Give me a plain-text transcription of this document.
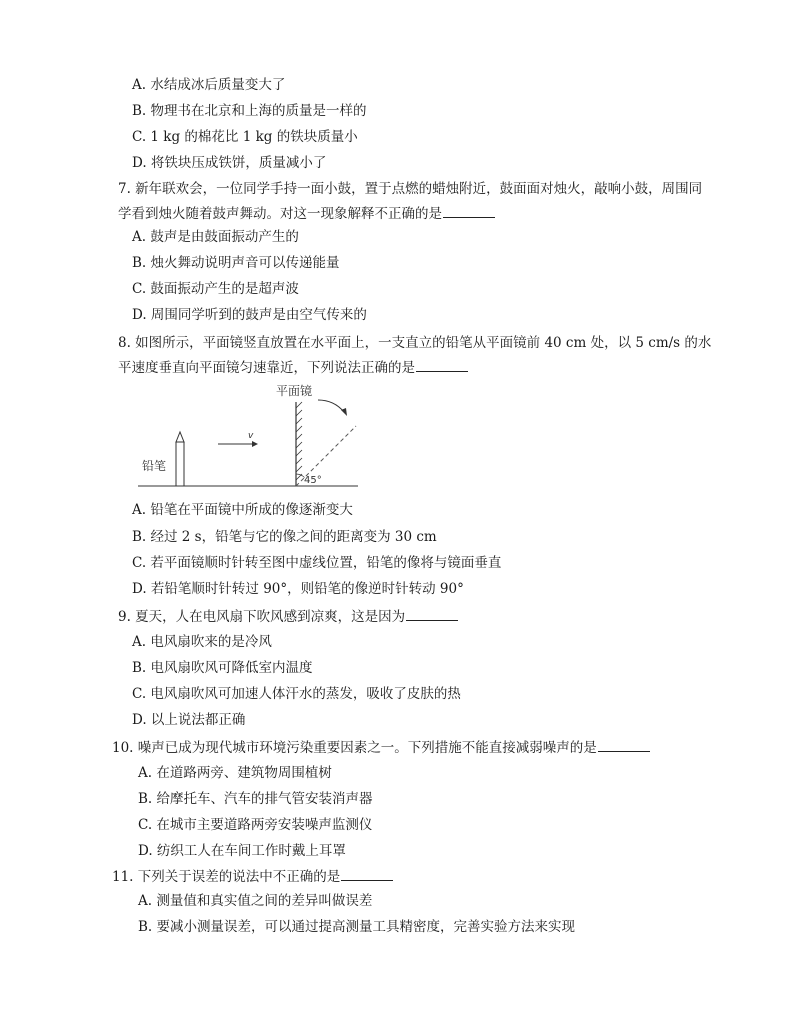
A. 水结成冰后质量变大了
B. 物理书在北京和上海的质量是一样的
C. 1 kg 的棉花比 1 kg 的铁块质量小
D. 将铁块压成铁饼，质量减小了
7. 新年联欢会，一位同学手持一面小鼓，置于点燃的蜡烛附近，鼓面面对烛火，敲响小鼓，周围同
学看到烛火随着鼓声舞动。对这一现象解释不正确的是
A. 鼓声是由鼓面振动产生的
B. 烛火舞动说明声音可以传递能量
C. 鼓面振动产生的是超声波
D. 周围同学听到的鼓声是由空气传来的
8. 如图所示，平面镜竖直放置在水平面上，一支直立的铅笔从平面镜前 40 cm 处，以 5 cm/s 的水
平速度垂直向平面镜匀速靠近，下列说法正确的是
铅笔
v
平面镜
45°
A. 铅笔在平面镜中所成的像逐渐变大
B. 经过 2 s，铅笔与它的像之间的距离变为 30 cm
C. 若平面镜顺时针转至图中虚线位置，铅笔的像将与镜面垂直
D. 若铅笔顺时针转过 90°，则铅笔的像逆时针转动 90°
9. 夏天，人在电风扇下吹风感到凉爽，这是因为
A. 电风扇吹来的是冷风
B. 电风扇吹风可降低室内温度
C. 电风扇吹风可加速人体汗水的蒸发，吸收了皮肤的热
D. 以上说法都正确
10. 噪声已成为现代城市环境污染重要因素之一。下列措施不能直接减弱噪声的是
A. 在道路两旁、建筑物周围植树
B. 给摩托车、汽车的排气管安装消声器
C. 在城市主要道路两旁安装噪声监测仪
D. 纺织工人在车间工作时戴上耳罩
11. 下列关于误差的说法中不正确的是
A. 测量值和真实值之间的差异叫做误差
B. 要减小测量误差，可以通过提高测量工具精密度，完善实验方法来实现
